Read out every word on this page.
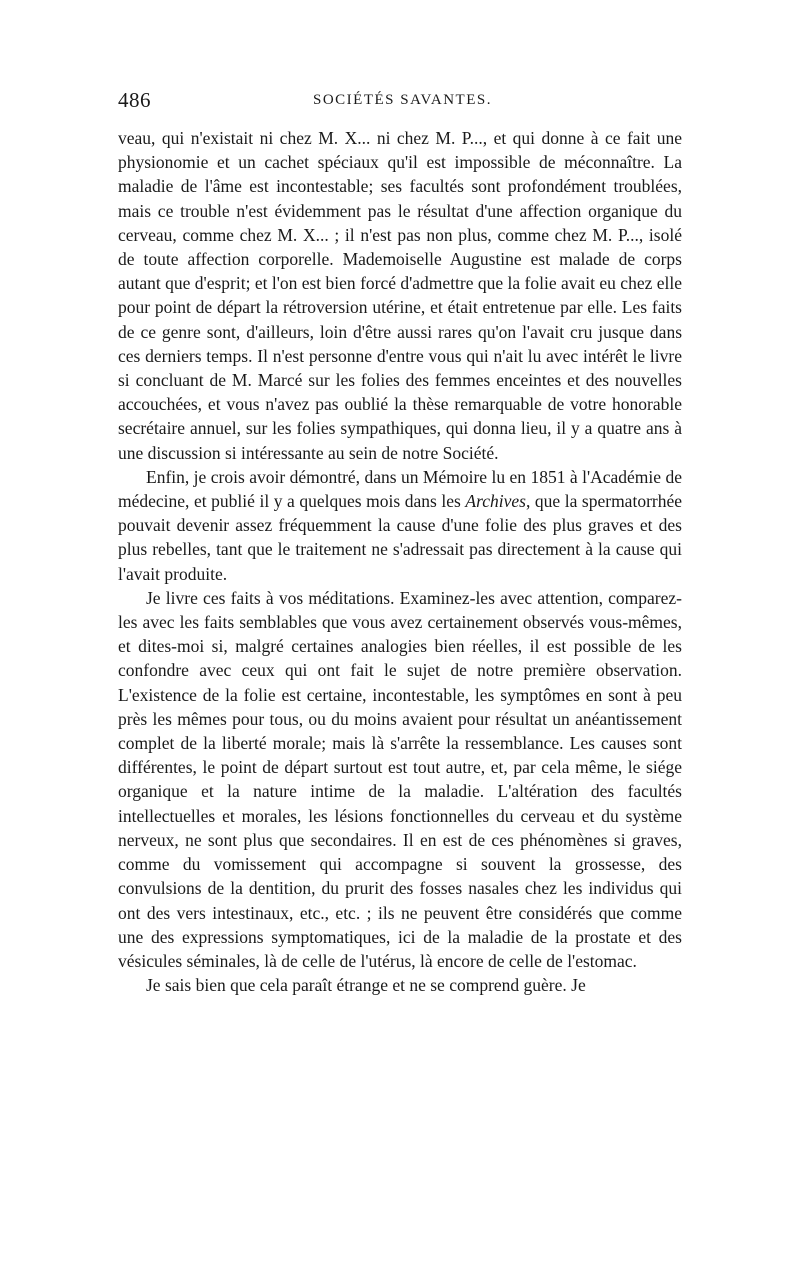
486	SOCIÉTÉS SAVANTES.

veau, qui n'existait ni chez M. X... ni chez M. P..., et qui donne à ce fait une physionomie et un cachet spéciaux qu'il est impossible de méconnaître. La maladie de l'âme est incontestable; ses facultés sont profondément troublées, mais ce trouble n'est évidemment pas le résultat d'une affection organique du cerveau, comme chez M. X... ; il n'est pas non plus, comme chez M. P..., isolé de toute affection corporelle. Mademoiselle Augustine est malade de corps autant que d'esprit; et l'on est bien forcé d'admettre que la folie avait eu chez elle pour point de départ la rétroversion utérine, et était entretenue par elle. Les faits de ce genre sont, d'ailleurs, loin d'être aussi rares qu'on l'avait cru jusque dans ces derniers temps. Il n'est personne d'entre vous qui n'ait lu avec intérêt le livre si concluant de M. Marcé sur les folies des femmes enceintes et des nouvelles accouchées, et vous n'avez pas oublié la thèse remarquable de votre honorable secrétaire annuel, sur les folies sympathiques, qui donna lieu, il y a quatre ans à une discussion si intéressante au sein de notre Société.

Enfin, je crois avoir démontré, dans un Mémoire lu en 1851 à l'Académie de médecine, et publié il y a quelques mois dans les Archives, que la spermatorrhée pouvait devenir assez fréquemment la cause d'une folie des plus graves et des plus rebelles, tant que le traitement ne s'adressait pas directement à la cause qui l'avait produite.

Je livre ces faits à vos méditations. Examinez-les avec attention, comparez-les avec les faits semblables que vous avez certainement observés vous-mêmes, et dites-moi si, malgré certaines analogies bien réelles, il est possible de les confondre avec ceux qui ont fait le sujet de notre première observation. L'existence de la folie est certaine, incontestable, les symptômes en sont à peu près les mêmes pour tous, ou du moins avaient pour résultat un anéantissement complet de la liberté morale; mais là s'arrête la ressemblance. Les causes sont différentes, le point de départ surtout est tout autre, et, par cela même, le siége organique et la nature intime de la maladie. L'altération des facultés intellectuelles et morales, les lésions fonctionnelles du cerveau et du système nerveux, ne sont plus que secondaires. Il en est de ces phénomènes si graves, comme du vomissement qui accompagne si souvent la grossesse, des convulsions de la dentition, du prurit des fosses nasales chez les individus qui ont des vers intestinaux, etc., etc. ; ils ne peuvent être considérés que comme une des expressions symptomatiques, ici de la maladie de la prostate et des vésicules séminales, là de celle de l'utérus, là encore de celle de l'estomac.

Je sais bien que cela paraît étrange et ne se comprend guère. Je
